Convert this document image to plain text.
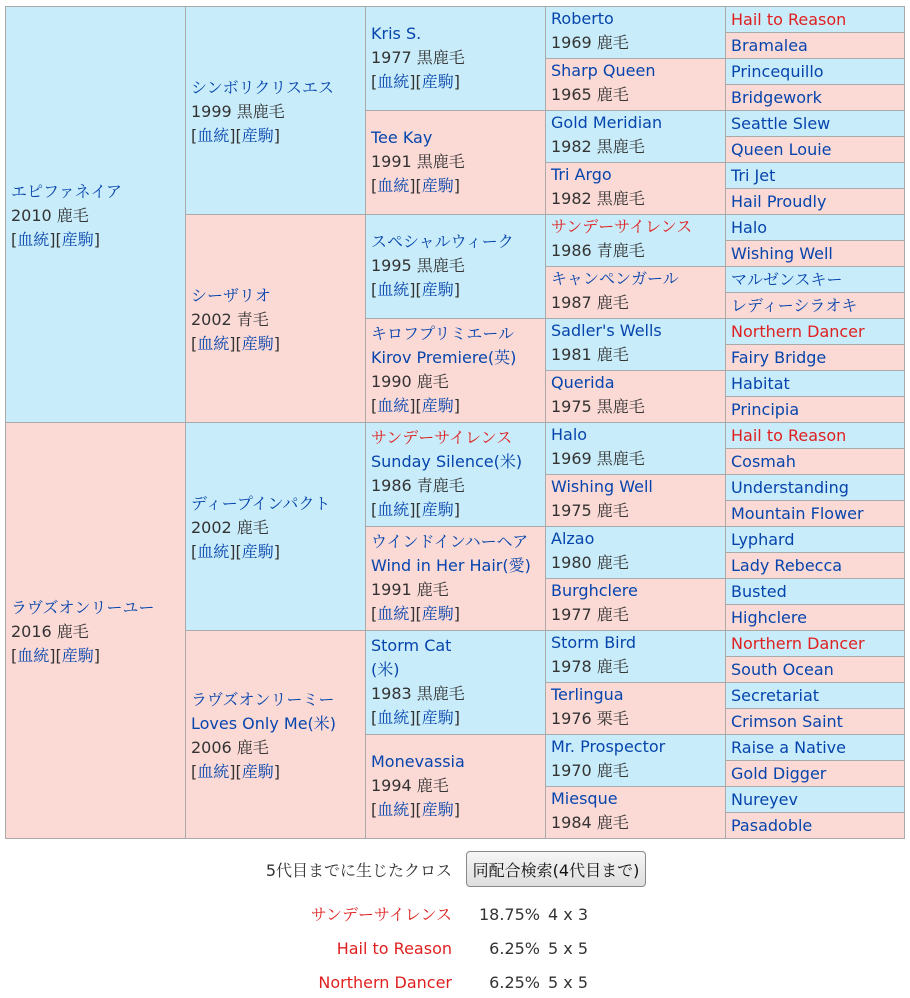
エピファネイア
2010 鹿毛
[血統][産駒]
ラヴズオンリーユー
2016 鹿毛
[血統][産駒]
シンボリクリスエス
1999 黒鹿毛
[血統][産駒]
シーザリオ
2002 青毛
[血統][産駒]
ディープインパクト
2002 鹿毛
[血統][産駒]
ラヴズオンリーミー
Loves Only Me(米)
2006 鹿毛
[血統][産駒]
Kris S.
1977 黒鹿毛
[血統][産駒]
Tee Kay
1991 黒鹿毛
[血統][産駒]
スペシャルウィーク
1995 黒鹿毛
[血統][産駒]
キロフプリミエール
Kirov Premiere(英)
1990 鹿毛
[血統][産駒]
サンデーサイレンス
Sunday Silence(米)
1986 青鹿毛
[血統][産駒]
ウインドインハーヘア
Wind in Her Hair(愛)
1991 鹿毛
[血統][産駒]
Storm Cat
(米)
1983 黒鹿毛
[血統][産駒]
Monevassia
1994 鹿毛
[血統][産駒]
Roberto
1969 鹿毛
Sharp Queen
1965 鹿毛
Gold Meridian
1982 黒鹿毛
Tri Argo
1982 黒鹿毛
サンデーサイレンス
1986 青鹿毛
キャンペンガール
1987 鹿毛
Sadler's Wells
1981 鹿毛
Querida
1975 黒鹿毛
Halo
1969 黒鹿毛
Wishing Well
1975 鹿毛
Alzao
1980 鹿毛
Burghclere
1977 鹿毛
Storm Bird
1978 鹿毛
Terlingua
1976 栗毛
Mr. Prospector
1970 鹿毛
Miesque
1984 鹿毛
Hail to Reason
Bramalea
Princequillo
Bridgework
Seattle Slew
Queen Louie
Tri Jet
Hail Proudly
Halo
Wishing Well
マルゼンスキー
レディーシラオキ
Northern Dancer
Fairy Bridge
Habitat
Principia
Hail to Reason
Cosmah
Understanding
Mountain Flower
Lyphard
Lady Rebecca
Busted
Highclere
Northern Dancer
South Ocean
Secretariat
Crimson Saint
Raise a Native
Gold Digger
Nureyev
Pasadoble
5代目までに生じたクロス	同配合検索(4代目まで)
サンデーサイレンス 18.75% 4 x 3
Hail to Reason 6.25% 5 x 5
Northern Dancer 6.25% 5 x 5
